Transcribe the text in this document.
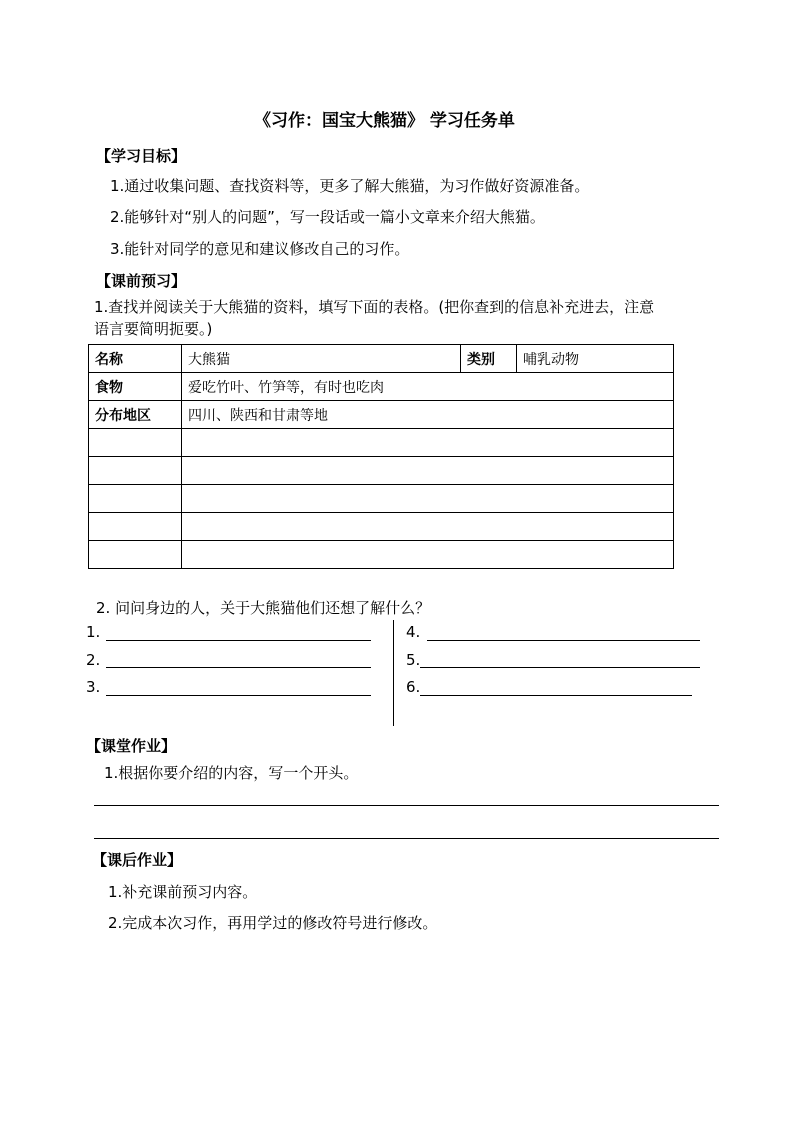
《习作：国宝大熊猫》 学习任务单
【学习目标】
1.通过收集问题、查找资料等，更多了解大熊猫，为习作做好资源准备。
2.能够针对“别人的问题”，写一段话或一篇小文章来介绍大熊猫。
3.能针对同学的意见和建议修改自己的习作。
【课前预习】
1.查找并阅读关于大熊猫的资料，填写下面的表格。(把你查到的信息补充进去，注意
语言要简明扼要。)
名称	大熊猫	类别	哺乳动物
食物	爱吃竹叶、竹笋等，有时也吃肉		
分布地区	四川、陕西和甘肃等地		

2. 问问身边的人，关于大熊猫他们还想了解什么？
1.
2.
3.
4.
5.
6.
【课堂作业】
1.根据你要介绍的内容，写一个开头。
【课后作业】
1.补充课前预习内容。
2.完成本次习作，再用学过的修改符号进行修改。
